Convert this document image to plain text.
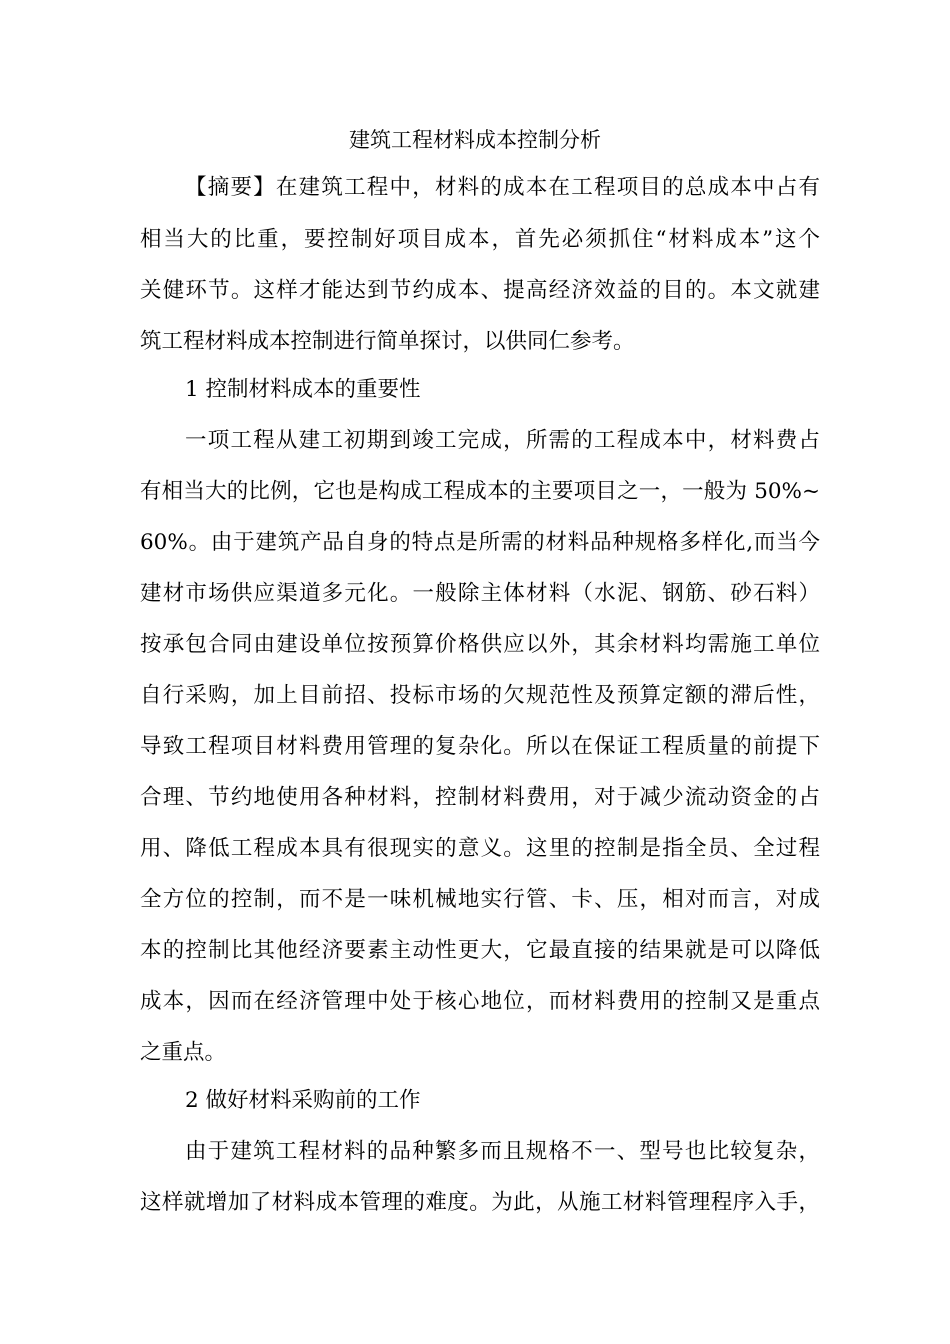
建筑工程材料成本控制分析
【摘要】在建筑工程中，材料的成本在工程项目的总成本中占有
相当大的比重，要控制好项目成本，首先必须抓住“材料成本”这个
关健环节。这样才能达到节约成本、提高经济效益的目的。本文就建
筑工程材料成本控制进行简单探讨，以供同仁参考。
1 控制材料成本的重要性
一项工程从建工初期到竣工完成，所需的工程成本中，材料费占
有相当大的比例，它也是构成工程成本的主要项目之一，一般为 50%~
60%。由于建筑产品自身的特点是所需的材料品种规格多样化,而当今
建材市场供应渠道多元化。一般除主体材料（水泥、钢筋、砂石料）
按承包合同由建设单位按预算价格供应以外，其余材料均需施工单位
自行采购，加上目前招、投标市场的欠规范性及预算定额的滞后性，
导致工程项目材料费用管理的复杂化。所以在保证工程质量的前提下
合理、节约地使用各种材料，控制材料费用，对于减少流动资金的占
用、降低工程成本具有很现实的意义。这里的控制是指全员、全过程
全方位的控制，而不是一味机械地实行管、卡、压，相对而言，对成
本的控制比其他经济要素主动性更大，它最直接的结果就是可以降低
成本，因而在经济管理中处于核心地位，而材料费用的控制又是重点
之重点。
2 做好材料采购前的工作
由于建筑工程材料的品种繁多而且规格不一、型号也比较复杂，
这样就增加了材料成本管理的难度。为此，从施工材料管理程序入手，
